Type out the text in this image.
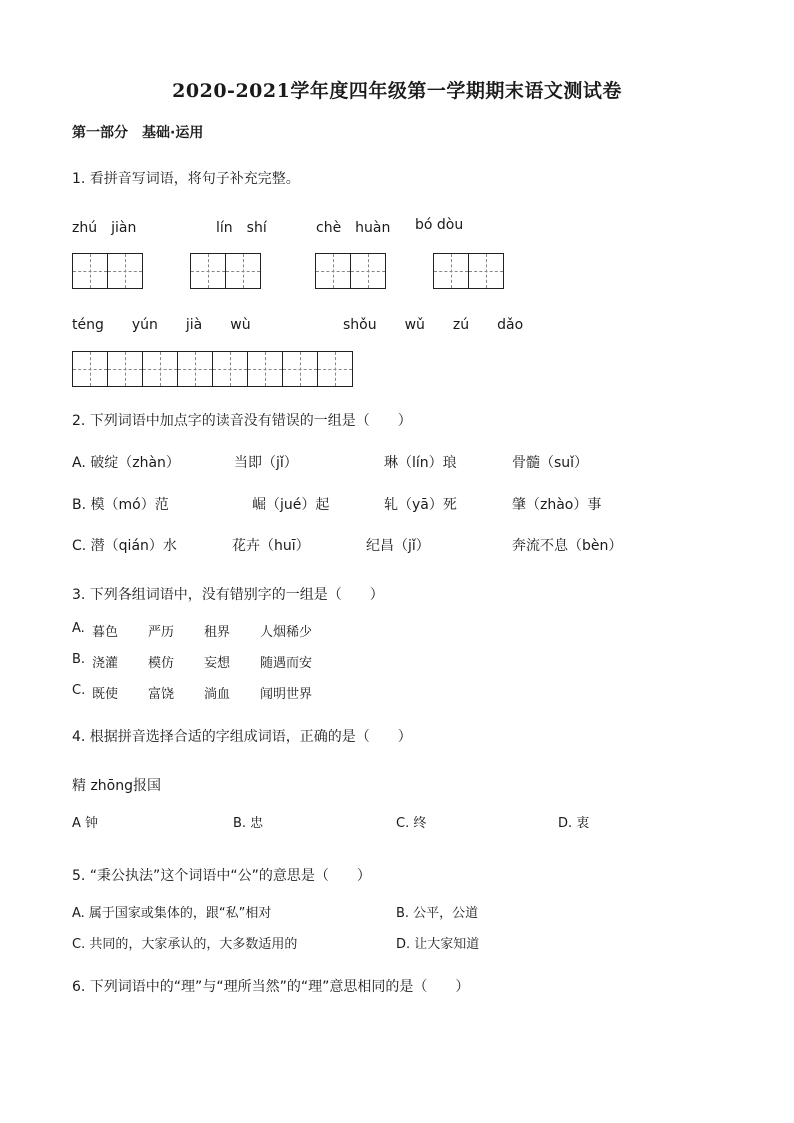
2020-2021学年度四年级第一学期期末语文测试卷
第一部分　基础·运用
1. 看拼音写词语，将句子补充完整。
zhú　jiàn	lín　shí	chè　huàn bó dòu
téng　　yún　　jià　　wù	shǒu　　wǔ　　zú　　dǎo
2. 下列词语中加点字的读音没有错误的一组是（　　）
A. 破绽（zhàn）	当即（jǐ）	琳（lín）琅	骨髓（suǐ）
B. 模（mó）范	崛（jué）起	轧（yā）死	肇（zhào）事
C. 潜（qián）水	花卉（huī）	纪昌（jǐ）	奔流不息（bèn）
3. 下列各组词语中，没有错别字的一组是（　　）
A. 暮色 严历 租界 人烟稀少
B. 浇灌 模仿 妄想 随遇而安
C. 既使 富饶 淌血 闻明世界
4. 根据拼音选择合适的字组成词语，正确的是（　　）
精 zhōng报国
A 钟	B. 忠	C. 终	D. 衷
5. “秉公执法”这个词语中“公”的意思是（　　）
A. 属于国家或集体的，跟“私”相对	B. 公平，公道
C. 共同的，大家承认的，大多数适用的	D. 让大家知道
6. 下列词语中的“理”与“理所当然”的“理”意思相同的是（　　）
